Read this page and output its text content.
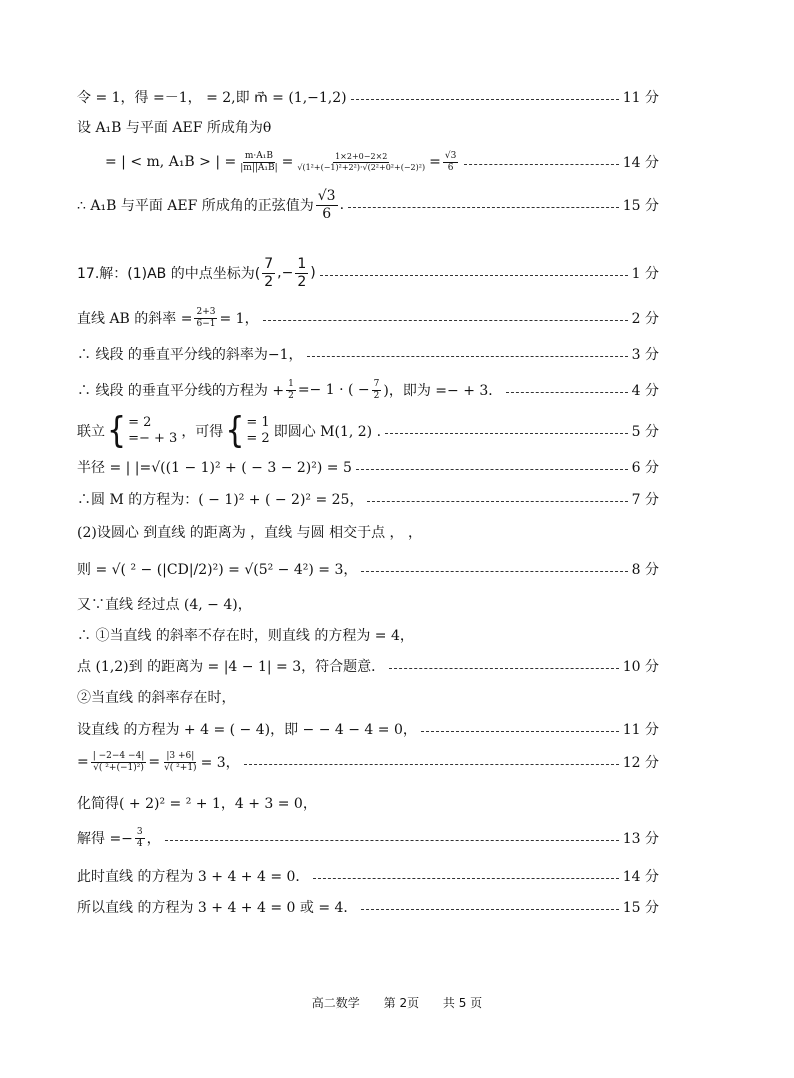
令 = 1，得 =－1， = 2,即 m⃗ = (1,−1,2)	11 分
设 A₁B 与平面 AEF 所成角为θ
= | < m, A₁B > | = $\frac{\text{m·A₁B}}{\text{|m||A₁B|}} = \frac{1\times 2+0-2\times 2}{\text{√(1²+(−1)²+2²)·√(2²+0²+(−2)²)}} = \frac{√3}{6}$	14 分
∴ A₁B 与平面 AEF 所成角的正弦值为 $\frac{√3}{6}$ .	15 分
17.解：(1)AB 的中点坐标为( $\frac{7}{2}$ ,− $\frac{1}{2}$ )	1 分
直线 AB 的斜率 = $\frac{2+3}{6-1} = 1$，	2 分
∴ 线段 的垂直平分线的斜率为−1，	3 分
∴ 线段 的垂直平分线的方程为 + $\frac{1}{2} =- 1$ · ( − $\frac{7}{2}$ )，即为 =− + 3．	4 分
联立 { = 2
=− + 3 ，可得 { = 1
= 2 即圆心 M(1, 2) .	5 分
半径 = | |=√((1 − 1)² + ( − 3 − 2)²) = 5	6 分
∴圆 M 的方程为：( − 1)² + ( − 2)² = 25，	7 分
(2)设圆心 到直线 的距离为 ，直线 与圆 相交于点 ， ，
则 = √( ² − (|CD|/2)²) = √(5² − 4²) = 3，	8 分
又∵直线 经过点 (4, − 4)，
∴ ①当直线 的斜率不存在时，则直线 的方程为 = 4，
点 (1,2)到 的距离为 = |4 − 1| = 3，符合题意．	10 分
②当直线 的斜率存在时，
设直线 的方程为 + 4 = ( − 4)，即 − − 4 − 4 = 0，	11 分
= $\frac{| -2-4 -4|}{\text{√( ²+(−1)²)}} = \frac{|3 +6|}{\text{√( ²+1)}} = 3$，	12 分
化简得( + 2)² = ² + 1，4 + 3 = 0，
解得 =− $\frac{3}{4}$ ，	13 分
此时直线 的方程为 3 + 4 + 4 = 0．	14 分
所以直线 的方程为 3 + 4 + 4 = 0 或 = 4．	15 分
高二数学 第 2页 共 5 页
